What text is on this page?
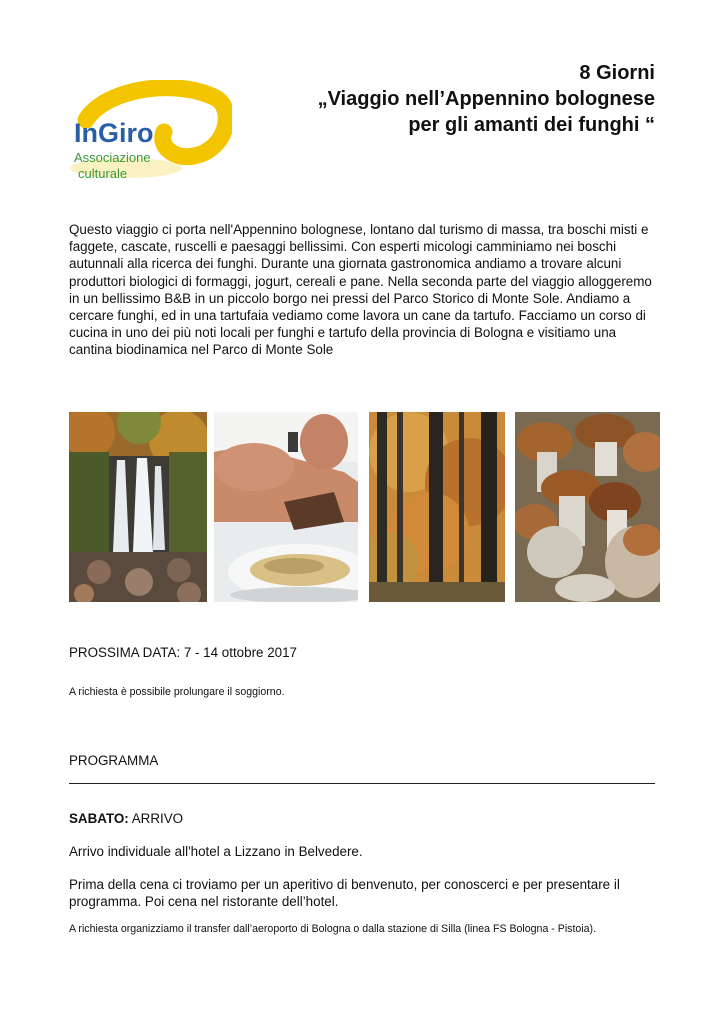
InGiro
Associazione
culturale
8 Giorni
„Viaggio nell’Appennino bolognese
per gli amanti dei funghi “
Questo viaggio ci porta nell'Appennino bolognese, lontano dal turismo di massa, tra boschi misti e faggete, cascate, ruscelli e paesaggi bellissimi. Con esperti micologi camminiamo nei boschi autunnali alla ricerca dei funghi. Durante una giornata gastronomica andiamo a trovare alcuni produttori biologici di formaggi, jogurt, cereali e pane. Nella seconda parte del viaggio alloggeremo in un bellissimo B&B in un piccolo borgo nei pressi del Parco Storico di Monte Sole. Andiamo a cercare funghi, ed in una tartufaia vediamo come lavora un cane da tartufo. Facciamo un corso di cucina in uno dei più noti locali per funghi e tartufo della provincia di Bologna e visitiamo una cantina biodinamica nel Parco di Monte Sole
PROSSIMA DATA: 7 - 14 ottobre 2017
A richiesta è possibile prolungare il soggiorno.
PROGRAMMA
SABATO: ARRIVO
Arrivo individuale all'hotel a Lizzano in Belvedere.
Prima della cena ci troviamo per un aperitivo di benvenuto, per conoscerci e per presentare il programma. Poi cena nel ristorante dell’hotel.
A richiesta organizziamo il transfer dall’aeroporto di Bologna o dalla stazione di Silla (linea FS Bologna - Pistoia).
